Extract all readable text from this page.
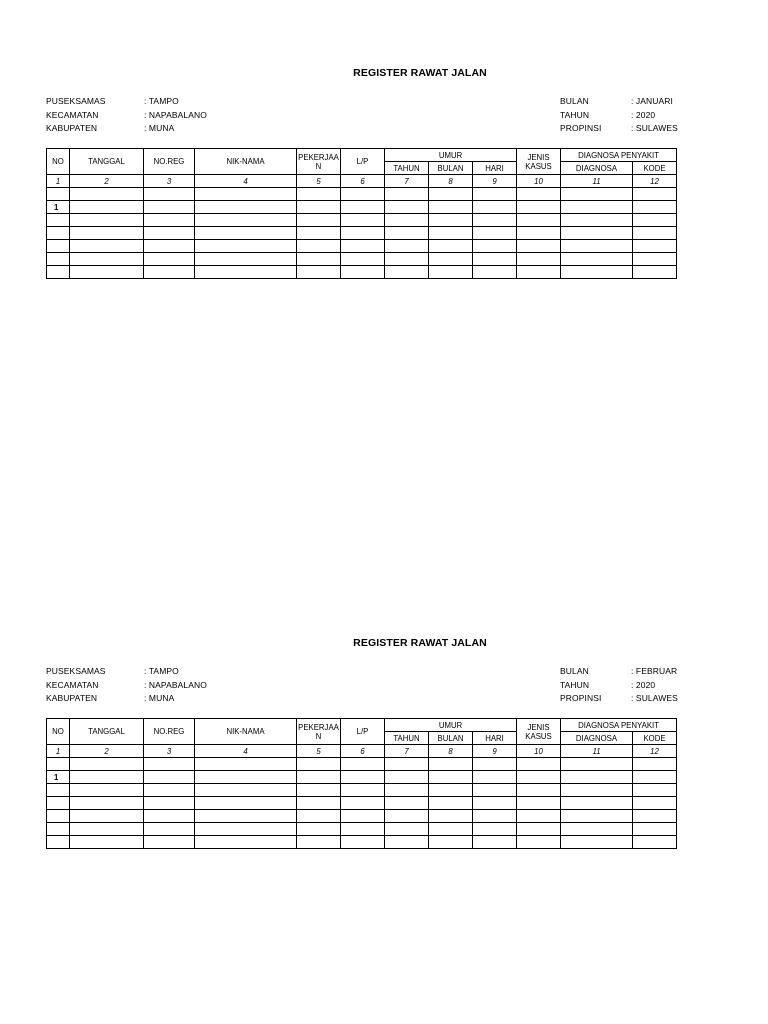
REGISTER RAWAT JALAN
PUSEKSAMAS	: TAMPO
KECAMATAN	: NAPABALANO
KABUPATEN	: MUNA
BULAN	: JANUARI
TAHUN	: 2020
PROPINSI	: SULAWES
NO	TANGGAL	NO.REG	NIK-NAMA	PEKERJAA N	L/P	UMUR			JENIS KASUS	DIAGNOSA PENYAKIT	
						TAHUN	BULAN	HARI		DIAGNOSA	KODE
1	2	3	4	5	6	7	8	9	10	11	12

1											

REGISTER RAWAT JALAN
PUSEKSAMAS	: TAMPO
KECAMATAN	: NAPABALANO
KABUPATEN	: MUNA
BULAN	: FEBRUAR
TAHUN	: 2020
PROPINSI	: SULAWES
NO	TANGGAL	NO.REG	NIK-NAMA	PEKERJAA N	L/P	UMUR			JENIS KASUS	DIAGNOSA PENYAKIT	
						TAHUN	BULAN	HARI		DIAGNOSA	KODE
1	2	3	4	5	6	7	8	9	10	11	12

1											
